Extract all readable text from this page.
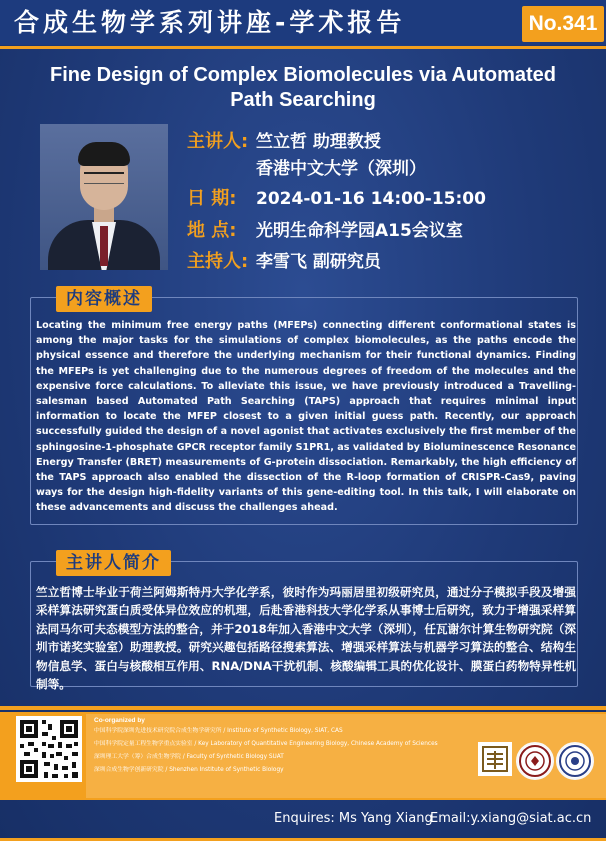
合成生物学系列讲座-学术报告	No.341
Fine Design of Complex Biomolecules via Automated
Path Searching
主讲人: 竺立哲 助理教授
香港中文大学（深圳）
日 期: 2024-01-16 14:00-15:00
地 点: 光明生命科学园A15会议室
主持人: 李雪飞 副研究员
内容概述
Locating the minimum free energy paths (MFEPs) connecting different conformational states is among the major tasks for the simulations of complex biomolecules, as the paths encode the physical essence and therefore the underlying mechanism for their functional dynamics. Finding the MFEPs is yet challenging due to the numerous degrees of freedom of the molecules and the expensive force calculations. To alleviate this issue, we have previously introduced a Travelling-salesman based Automated Path Searching (TAPS) approach that requires minimal input information to locate the MFEP closest to a given initial guess path. Recently, our approach successfully guided the design of a novel agonist that activates exclusively the first member of the sphingosine-1-phosphate GPCR receptor family S1PR1, as validated by Bioluminescence Resonance Energy Transfer (BRET) measurements of G-protein dissociation. Remarkably, the high efficiency of the TAPS approach also enabled the dissection of the R-loop formation of CRISPR-Cas9, paving ways for the design high-fidelity variants of this gene-editing tool. In this talk, I will elaborate on these advancements and discuss the challenges ahead.
主讲人简介
竺立哲博士毕业于荷兰阿姆斯特丹大学化学系，彼时作为玛丽居里初级研究员，通过分子模拟手段及增强采样算法研究蛋白质受体异位效应的机理，后赴香港科技大学化学系从事博士后研究，致力于增强采样算法同马尔可夫态模型方法的整合，并于2018年加入香港中文大学（深圳），任瓦谢尔计算生物研究院（深圳市诺奖实验室）助理教授。研究兴趣包括路径搜索算法、增强采样算法与机器学习算法的整合、结构生物信息学、蛋白与核酸相互作用、RNA/DNA干扰机制、核酸编辑工具的优化设计、膜蛋白药物特异性机制等。
Co-organized by
中国科学院深圳先进技术研究院合成生物学研究所 / Institute of Synthetic Biology, SIAT, CAS
中国科学院定量工程生物学重点实验室 / Key Laboratory of Quantitative Engineering Biology, Chinese Academy of Sciences
深圳理工大学（筹）合成生物学院 / Faculty of Synthetic Biology SUAT
深圳合成生物学创新研究院 / Shenzhen Institute of Synthetic Biology
Enquires: Ms Yang Xiang
Email:y.xiang@siat.ac.cn
